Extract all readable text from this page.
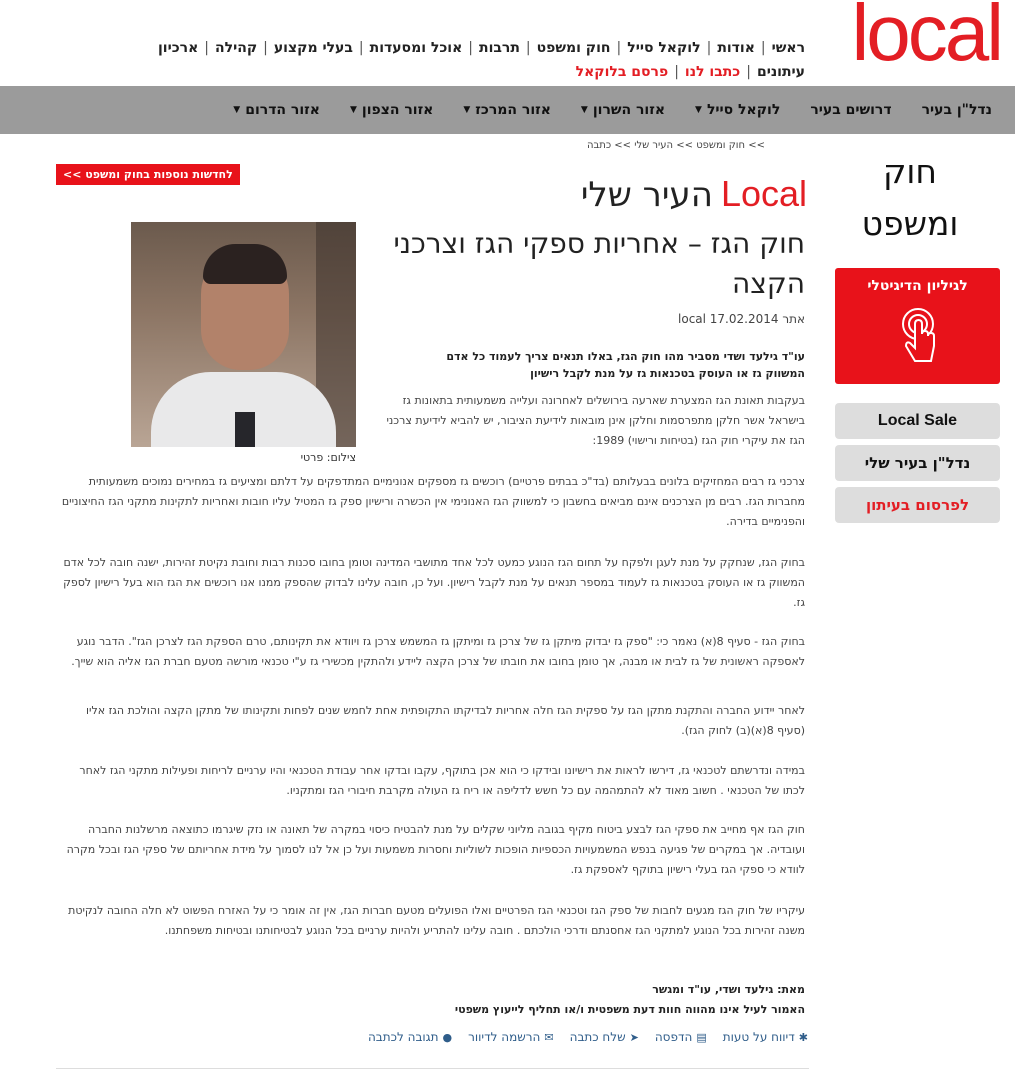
local
ראשי
|
אודות
|
לוקאל סייל
|
חוק ומשפט
|
תרבות
|
אוכל ומסעדות
|
בעלי מקצוע
|
קהילה
|
ארכיון
עיתונים
|
כתבו לנו
|
פרסם בלוקאל
נדל"ן בעיר
דרושים בעיר
לוקאל סייל
▼
אזור השרון
▼
אזור המרכז
▼
אזור הצפון
▼
אזור הדרום
▼
>> חוק ומשפט >> העיר שלי >> כתבה
חוק ומשפט
לגיליון הדיגיטלי
Local Sale
נדל"ן בעיר שלי
לפרסום בעיתון
לחדשות נוספות בחוק ומשפט >>	Local
העיר שלי
חוק הגז – אחריות ספקי הגז וצרכני הקצה
אתר local 17.02.2014
צילום: פרטי
עו"ד גילעד ושדי מסביר מהו חוק הגז, באלו תנאים צריך לעמוד כל אדם המשווק גז או העוסק בטכנאות גז על מנת לקבל רישיון
בעקבות תאונת הגז המצערת שארעה בירושלים לאחרונה ועלייה משמעותית בתאונות גז בישראל אשר חלקן מתפרסמות וחלקן אינן מובאות לידיעת הציבור, יש להביא לידיעת צרכני הגז את עיקרי חוק הגז (בטיחות ורישוי) 1989:
צרכני גז רבים המחזיקים בלונים בבעלותם (בד"כ בבתים פרטיים) רוכשים גז מספקים אנונימיים המתדפקים על דלתם ומציעים גז במחירים נמוכים משמעותית מחברות הגז. רבים מן הצרכנים אינם מביאים בחשבון כי למשווק הגז האנונימי אין הכשרה ורישיון ספק גז המטיל עליו חובות ואחריות לתקינות מתקני הגז החיצוניים והפנימיים בדירה.
בחוק הגז, שנחקק על מנת לעגן ולפקח על תחום הגז הנוגע כמעט לכל אחד מתושבי המדינה וטומן בחובו סכנות רבות וחובת נקיטת זהירות, ישנה חובה לכל אדם המשווק גז או העוסק בטכנאות גז לעמוד במספר תנאים על מנת לקבל רישיון. ועל כן, חובה עלינו לבדוק שהספק ממנו אנו רוכשים את הגז הוא בעל רישיון לספק גז.
בחוק הגז - סעיף 8(א) נאמר כי: "ספק גז יבדוק מיתקן גז של צרכן גז ומיתקן גז המשמש צרכן גז ויוודא את תקינותם, טרם הספקת הגז לצרכן הגז". הדבר נוגע לאספקה ראשונית של גז לבית או מבנה, אך טומן בחובו את חובתו של צרכן הקצה ליידע ולהתקין מכשירי גז ע"י טכנאי מורשה מטעם חברת הגז אליה הוא שייך.
לאחר יידוע החברה והתקנת מתקן הגז על ספקית הגז חלה אחריות לבדיקתו התקופתית אחת לחמש שנים לפחות ותקינותו של מתקן הקצה והולכת הגז אליו (סעיף 8(א)(ב) לחוק הגז).
במידה ונדרשתם לטכנאי גז, דירשו לראות את רישיונו ובידקו כי הוא אכן בתוקף, עקבו ובדקו אחר עבודת הטכנאי והיו ערניים לריחות ופעילות מתקני הגז לאחר לכתו של הטכנאי . חשוב מאוד לא להתמהמה עם כל חשש לדליפה או ריח גז העולה מקרבת חיבורי הגז ומתקניו.
חוק הגז אף מחייב את ספקי הגז לבצע ביטוח מקיף בגובה מליוני שקלים על מנת להבטיח כיסוי במקרה של תאונה או נזק שיגרמו כתוצאה מרשלנות החברה ועובדיה. אך במקרים של פגיעה בנפש המשמעויות הכספיות הופכות לשוליות וחסרות משמעות ועל כן אל לנו לסמוך על מידת אחריותם של ספקי הגז ובכל מקרה לוודא כי ספקי הגז בעלי רישיון בתוקף לאספקת גז.
עיקריו של חוק הגז מגעים לחבות של ספק הגז וטכנאי הגז הפרטיים ואלו הפועלים מטעם חברות הגז, אין זה אומר כי על האזרח הפשוט לא חלה החובה לנקיטת משנה זהירות בכל הנוגע למתקני הגז אחסנתם ודרכי הולכתם . חובה עלינו להתריע ולהיות ערניים בכל הנוגע לבטיחותנו ובטיחות משפחתנו.
מאת: גילעד ושדי, עו"ד ומגשר
האמור לעיל אינו מהווה חוות דעת משפטית ו/או תחליף לייעוץ משפטי
✱
דיווח על טעות
▤
הדפסה
➤
שלח כתבה
✉
הרשמה לדיוור
●
תגובה לכתבה
